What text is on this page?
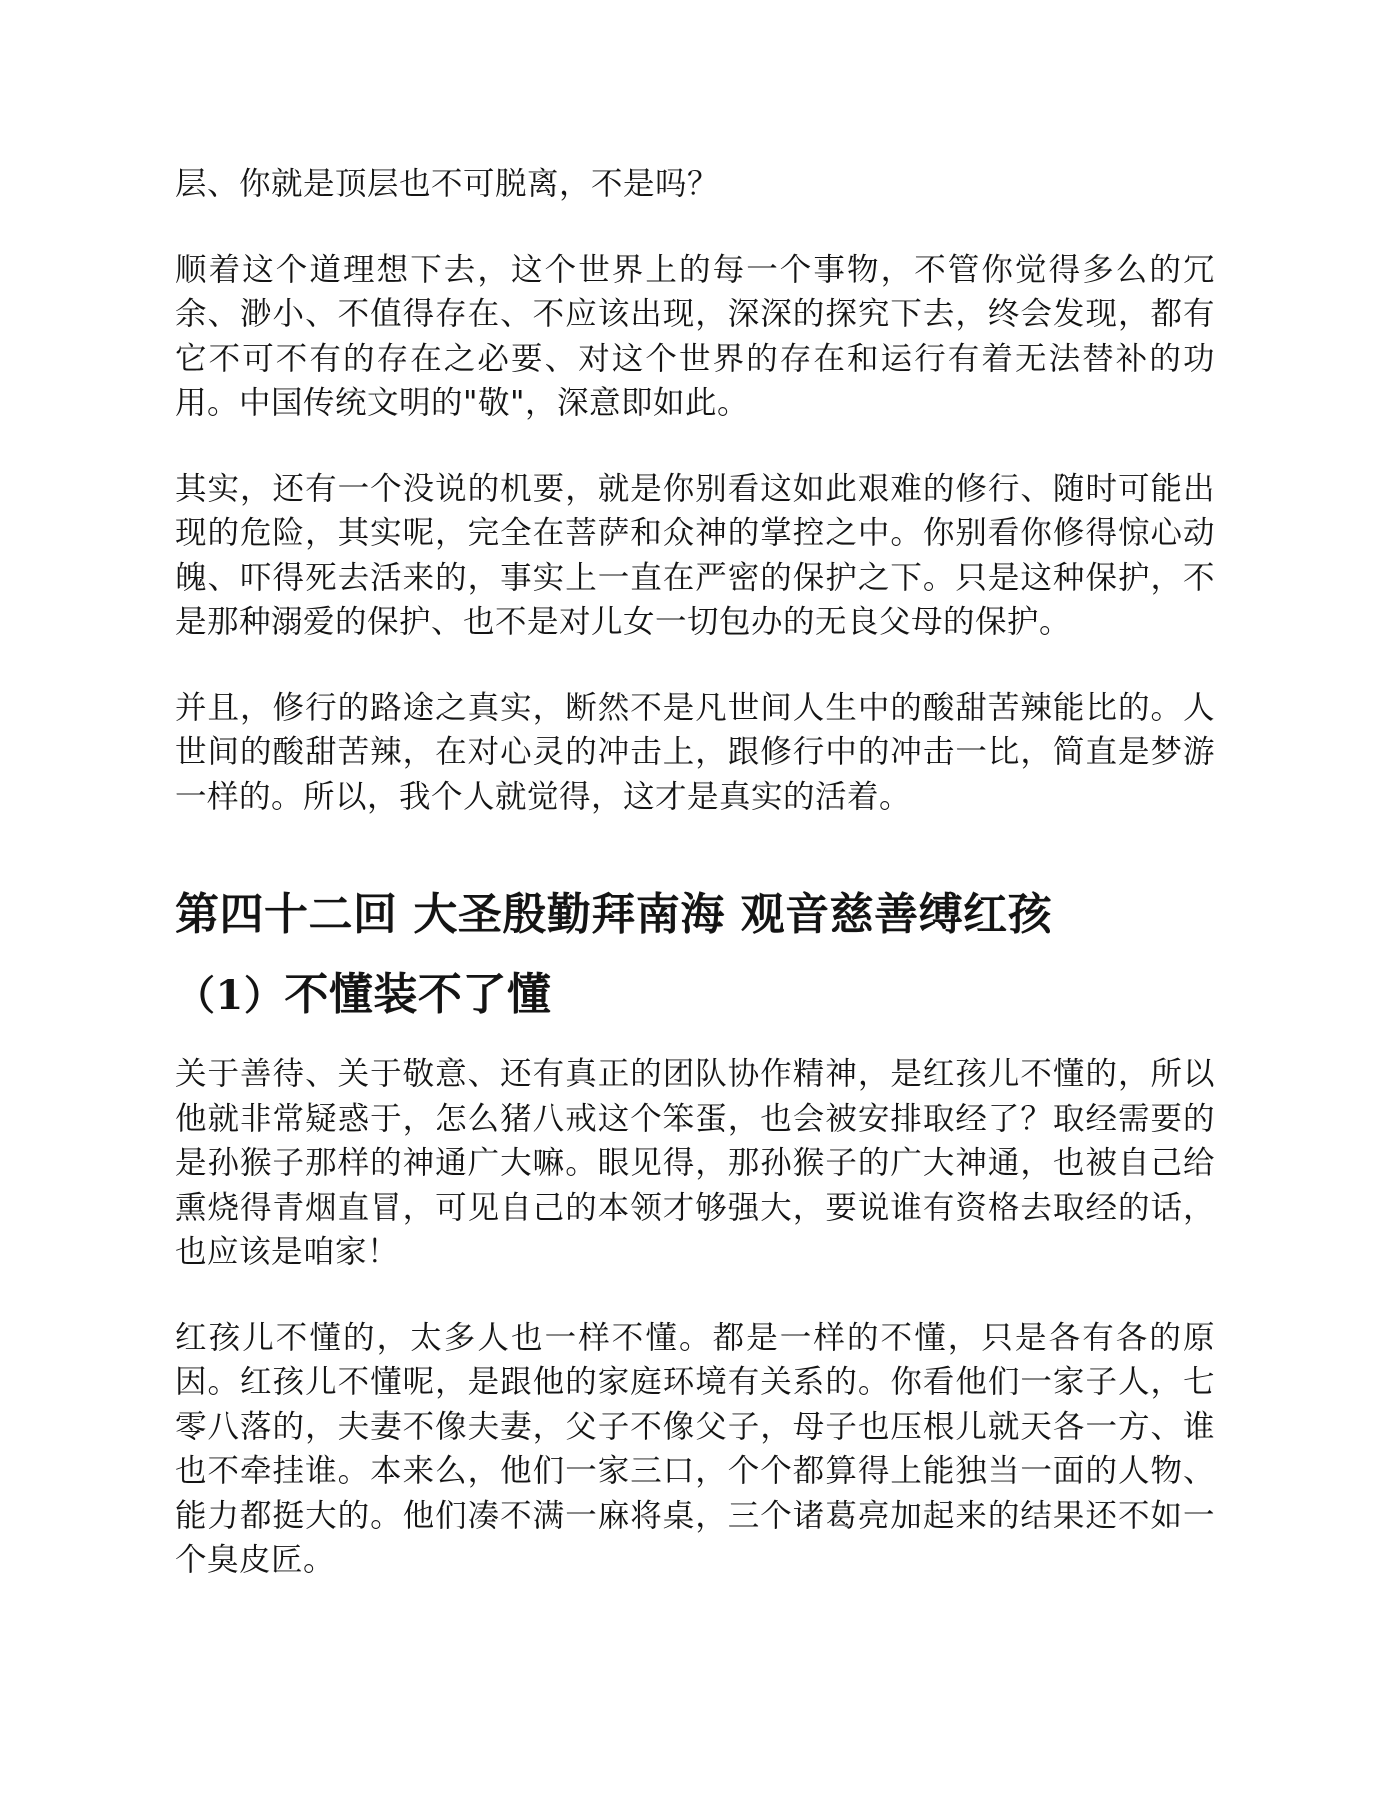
层、你就是顶层也不可脱离，不是吗？

顺着这个道理想下去，这个世界上的每一个事物，不管你觉得多么的冗余、渺小、不值得存在、不应该出现，深深的探究下去，终会发现，都有它不可不有的存在之必要、对这个世界的存在和运行有着无法替补的功用。中国传统文明的"敬"，深意即如此。

其实，还有一个没说的机要，就是你别看这如此艰难的修行、随时可能出现的危险，其实呢，完全在菩萨和众神的掌控之中。你别看你修得惊心动魄、吓得死去活来的，事实上一直在严密的保护之下。只是这种保护，不是那种溺爱的保护、也不是对儿女一切包办的无良父母的保护。

并且，修行的路途之真实，断然不是凡世间人生中的酸甜苦辣能比的。人世间的酸甜苦辣，在对心灵的冲击上，跟修行中的冲击一比，简直是梦游一样的。所以，我个人就觉得，这才是真实的活着。

第四十二回 大圣殷勤拜南海 观音慈善缚红孩
（1）不懂装不了懂

关于善待、关于敬意、还有真正的团队协作精神，是红孩儿不懂的，所以他就非常疑惑于，怎么猪八戒这个笨蛋，也会被安排取经了？取经需要的是孙猴子那样的神通广大嘛。眼见得，那孙猴子的广大神通，也被自己给熏烧得青烟直冒，可见自己的本领才够强大，要说谁有资格去取经的话，也应该是咱家！

红孩儿不懂的，太多人也一样不懂。都是一样的不懂，只是各有各的原因。红孩儿不懂呢，是跟他的家庭环境有关系的。你看他们一家子人，七零八落的，夫妻不像夫妻，父子不像父子，母子也压根儿就天各一方、谁也不牵挂谁。本来么，他们一家三口，个个都算得上能独当一面的人物、能力都挺大的。他们凑不满一麻将桌，三个诸葛亮加起来的结果还不如一个臭皮匠。
